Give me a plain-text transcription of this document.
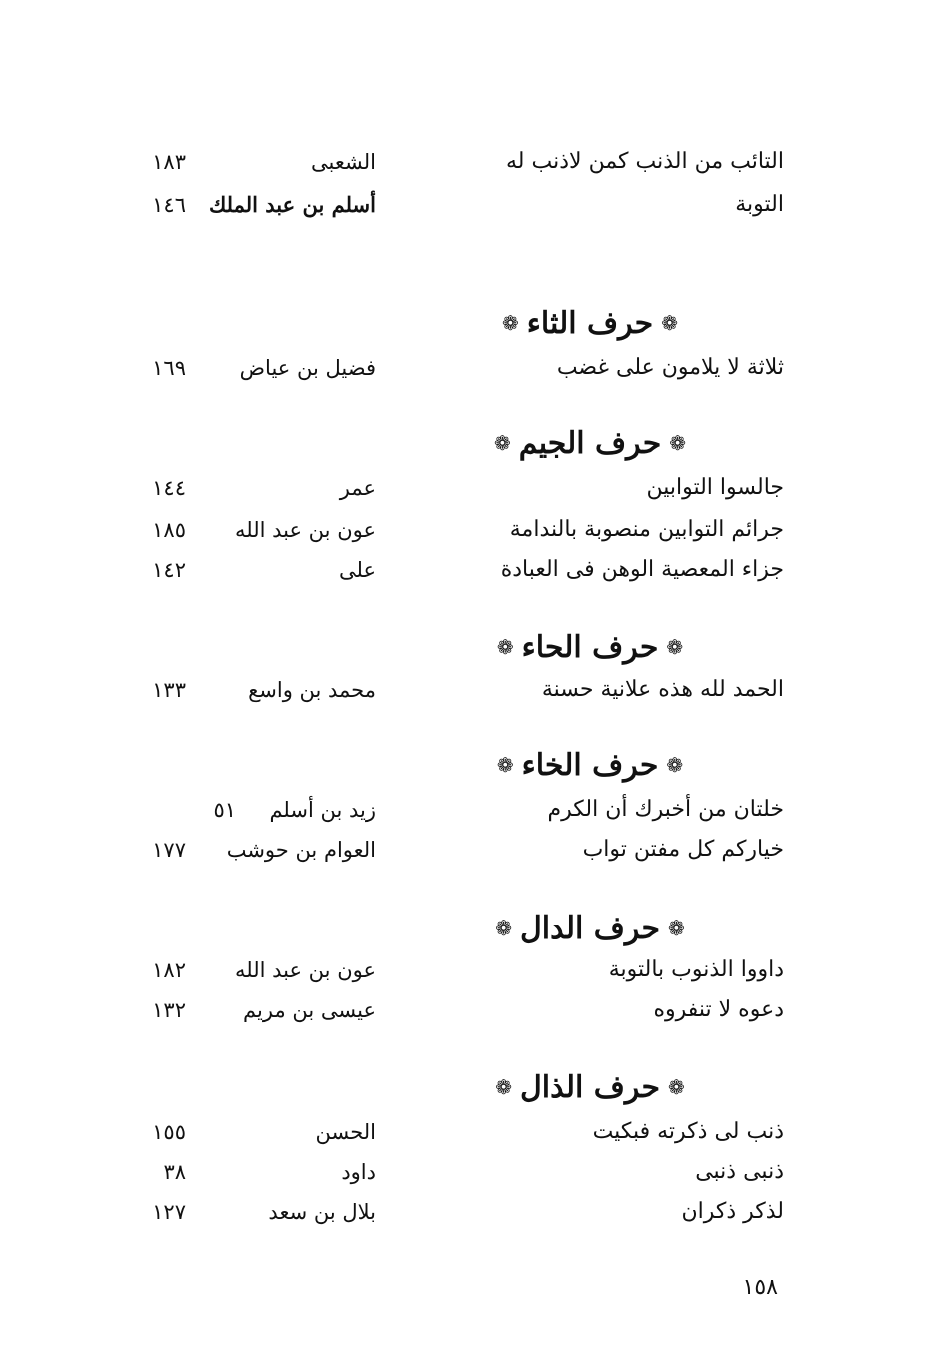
التائب من الذنب كمن لاذنب له
الشعبى
١٨٣
التوبة
أسلم بن عبد الملك
١٤٦
❁
حرف الثاء
❁
ثلاثة لا يلامون على غضب
فضيل بن عياض
١٦٩
❁
حرف الجيم
❁
جالسوا التوابين
عمر
١٤٤
جرائم التوابين منصوبة بالندامة
عون بن عبد الله
١٨٥
جزاء المعصية الوهن فى العبادة
على
١٤٢
❁
حرف الحاء
❁
الحمد لله هذه علانية حسنة
محمد بن واسع
١٣٣
❁
حرف الخاء
❁
خلتان من أخبرك أن الكرم
زيد بن أسلم
٥١
خياركم كل مفتن تواب
العوام بن حوشب
١٧٧
❁
حرف الدال
❁
داووا الذنوب بالتوبة
عون بن عبد الله
١٨٢
دعوه لا تنفروه
عيسى بن مريم
١٣٢
❁
حرف الذال
❁
ذنب لى ذكرته فبكيت
الحسن
١٥٥
ذنبى ذنبى
داود
٣٨
لذكر ذكران
بلال بن سعد
١٢٧
١٥٨
